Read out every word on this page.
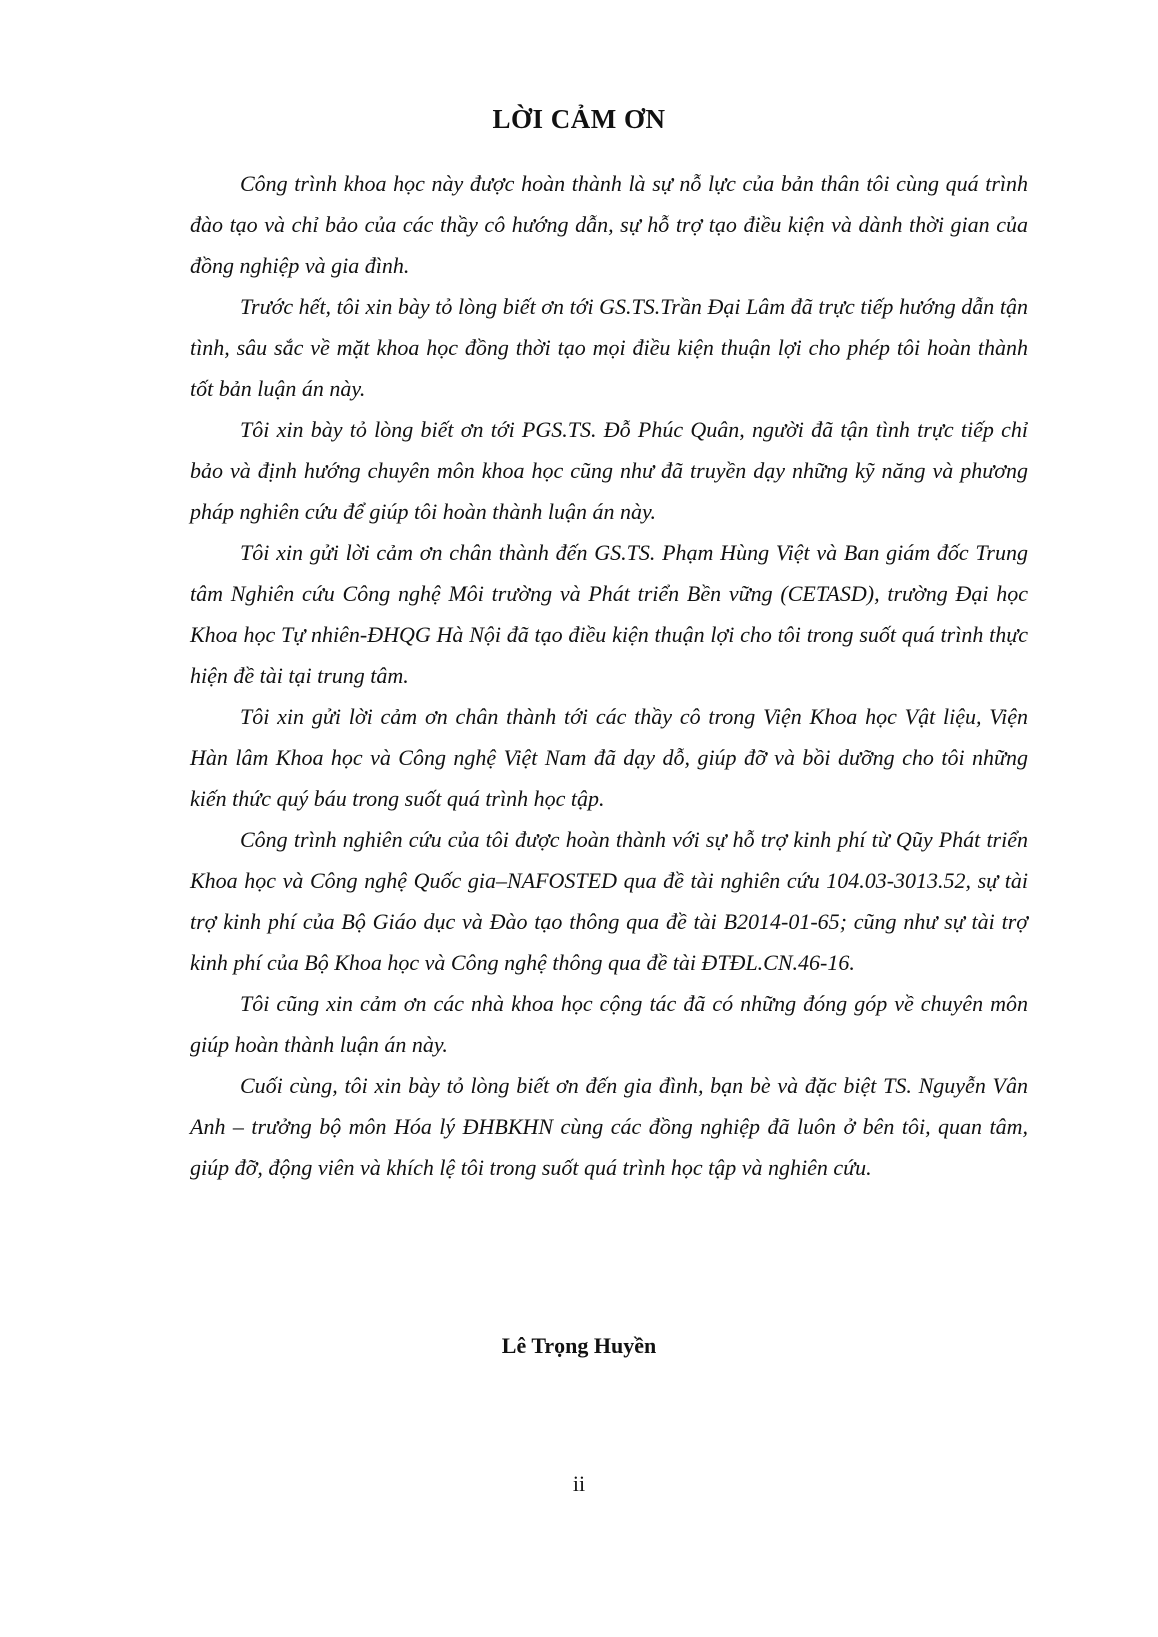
LỜI CẢM ƠN

Công trình khoa học này được hoàn thành là sự nỗ lực của bản thân tôi cùng quá trình đào tạo và chỉ bảo của các thầy cô hướng dẫn, sự hỗ trợ tạo điều kiện và dành thời gian của đồng nghiệp và gia đình.

Trước hết, tôi xin bày tỏ lòng biết ơn tới GS.TS.Trần Đại Lâm đã trực tiếp hướng dẫn tận tình, sâu sắc về mặt khoa học đồng thời tạo mọi điều kiện thuận lợi cho phép tôi hoàn thành tốt bản luận án này.

Tôi xin bày tỏ lòng biết ơn tới PGS.TS. Đỗ Phúc Quân, người đã tận tình trực tiếp chỉ bảo và định hướng chuyên môn khoa học cũng như đã truyền dạy những kỹ năng và phương pháp nghiên cứu để giúp tôi hoàn thành luận án này.

Tôi xin gửi lời cảm ơn chân thành đến GS.TS. Phạm Hùng Việt và Ban giám đốc Trung tâm Nghiên cứu Công nghệ Môi trường và Phát triển Bền vững (CETASD), trường Đại học Khoa học Tự nhiên-ĐHQG Hà Nội đã tạo điều kiện thuận lợi cho tôi trong suốt quá trình thực hiện đề tài tại trung tâm.

Tôi xin gửi lời cảm ơn chân thành tới các thầy cô trong Viện Khoa học Vật liệu, Viện Hàn lâm Khoa học và Công nghệ Việt Nam đã dạy dỗ, giúp đỡ và bồi dưỡng cho tôi những kiến thức quý báu trong suốt quá trình học tập.

Công trình nghiên cứu của tôi được hoàn thành với sự hỗ trợ kinh phí từ Qũy Phát triển Khoa học và Công nghệ Quốc gia–NAFOSTED qua đề tài nghiên cứu 104.03-3013.52, sự tài trợ kinh phí của Bộ Giáo dục và Đào tạo thông qua đề tài B2014-01-65; cũng như sự tài trợ kinh phí của Bộ Khoa học và Công nghệ thông qua đề tài ĐTĐL.CN.46-16.

Tôi cũng xin cảm ơn các nhà khoa học cộng tác đã có những đóng góp về chuyên môn giúp hoàn thành luận án này.

Cuối cùng, tôi xin bày tỏ lòng biết ơn đến gia đình, bạn bè và đặc biệt TS. Nguyễn Vân Anh – trưởng bộ môn Hóa lý ĐHBKHN cùng các đồng nghiệp đã luôn ở bên tôi, quan tâm, giúp đỡ, động viên và khích lệ tôi trong suốt quá trình học tập và nghiên cứu.

Lê Trọng Huyền

ii
